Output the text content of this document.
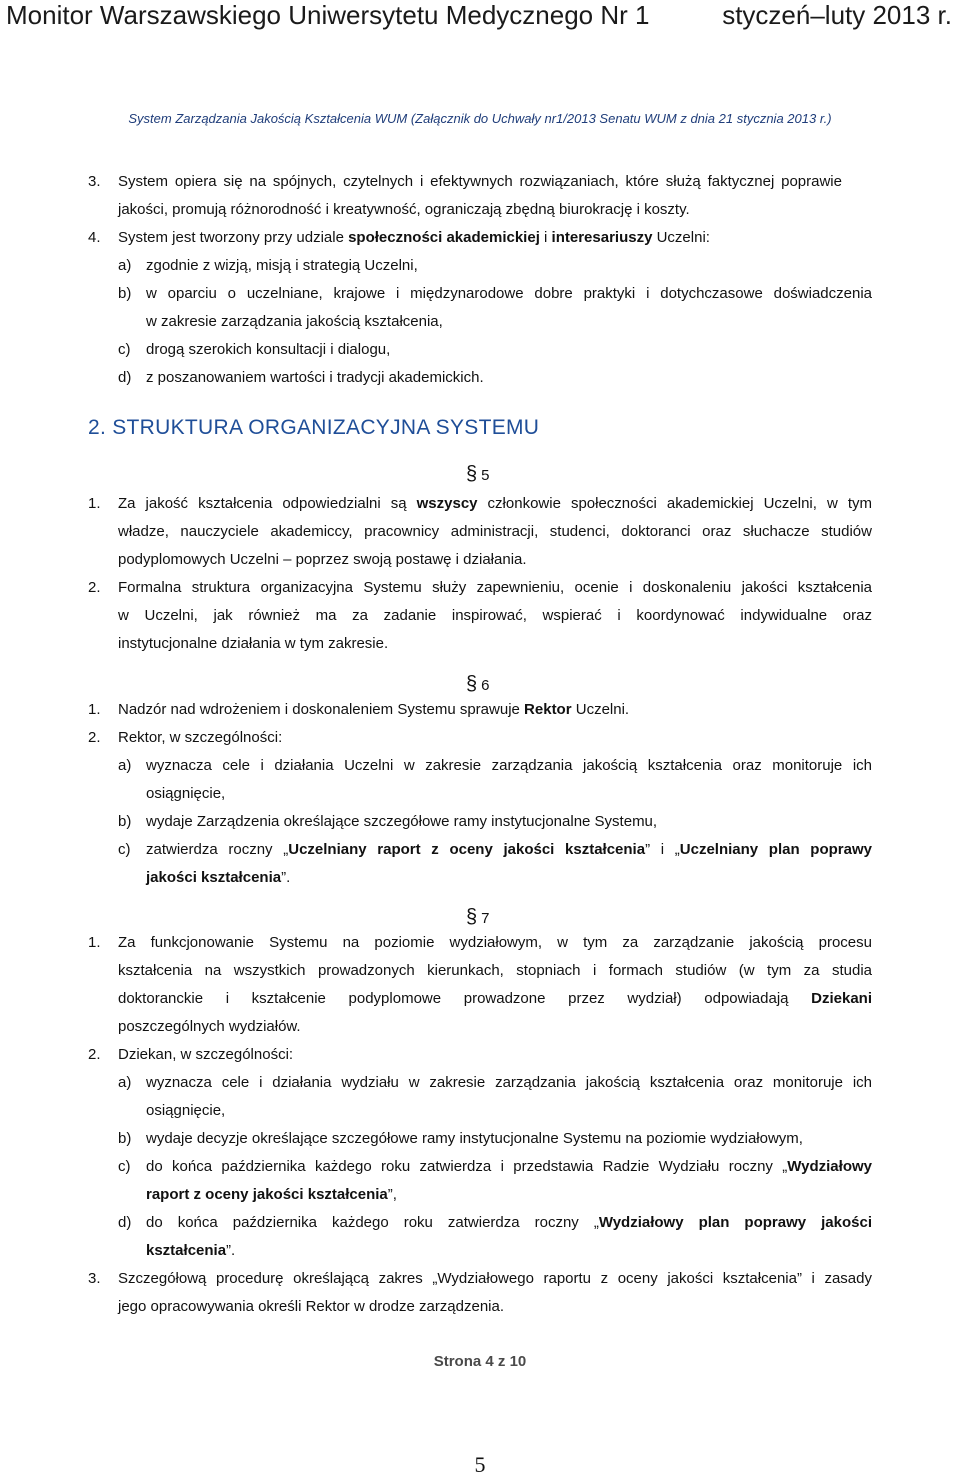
Monitor Warszawskiego Uniwersytetu Medycznego Nr 1	styczeń–luty 2013 r.
System Zarządzania Jakością Kształcenia WUM (Załącznik do Uchwały nr1/2013 Senatu WUM z dnia 21 stycznia 2013 r.)
3. System opiera się na spójnych, czytelnych i efektywnych rozwiązaniach, które służą faktycznej poprawie
jakości, promują różnorodność i kreatywność, ograniczają zbędną biurokrację i koszty.
4. System jest tworzony przy udziale społeczności akademickiej i interesariuszy Uczelni:
a) zgodnie z wizją, misją i strategią Uczelni,
b) w oparciu o uczelniane, krajowe i międzynarodowe dobre praktyki i dotychczasowe doświadczenia
w zakresie zarządzania jakością kształcenia,
c) drogą szerokich konsultacji i dialogu,
d) z poszanowaniem wartości i tradycji akademickich.
2. STRUKTURA ORGANIZACYJNA SYSTEMU
§ 5
1. Za jakość kształcenia odpowiedzialni są wszyscy członkowie społeczności akademickiej Uczelni, w tym
władze, nauczyciele akademiccy, pracownicy administracji, studenci, doktoranci oraz słuchacze studiów
podyplomowych Uczelni – poprzez swoją postawę i działania.
2. Formalna struktura organizacyjna Systemu służy zapewnieniu, ocenie i doskonaleniu jakości kształcenia
w Uczelni, jak również ma za zadanie inspirować, wspierać i koordynować indywidualne oraz
instytucjonalne działania w tym zakresie.
§ 6
1. Nadzór nad wdrożeniem i doskonaleniem Systemu sprawuje Rektor Uczelni.
2. Rektor, w szczególności:
a) wyznacza cele i działania Uczelni w zakresie zarządzania jakością kształcenia oraz monitoruje ich
osiągnięcie,
b) wydaje Zarządzenia określające szczegółowe ramy instytucjonalne Systemu,
c) zatwierdza roczny „Uczelniany raport z oceny jakości kształcenia” i „Uczelniany plan poprawy
jakości kształcenia”.
§ 7
1. Za funkcjonowanie Systemu na poziomie wydziałowym, w tym za zarządzanie jakością procesu
kształcenia na wszystkich prowadzonych kierunkach, stopniach i formach studiów (w tym za studia
doktoranckie i kształcenie podyplomowe prowadzone przez wydział) odpowiadają Dziekani
poszczególnych wydziałów.
2. Dziekan, w szczególności:
a) wyznacza cele i działania wydziału w zakresie zarządzania jakością kształcenia oraz monitoruje ich
osiągnięcie,
b) wydaje decyzje określające szczegółowe ramy instytucjonalne Systemu na poziomie wydziałowym,
c) do końca października każdego roku zatwierdza i przedstawia Radzie Wydziału roczny „Wydziałowy
raport z oceny jakości kształcenia”,
d) do końca października każdego roku zatwierdza roczny „Wydziałowy plan poprawy jakości
kształcenia”.
3. Szczegółową procedurę określającą zakres „Wydziałowego raportu z oceny jakości kształcenia” i zasady
jego opracowywania określi Rektor w drodze zarządzenia.
Strona 4 z 10
5
